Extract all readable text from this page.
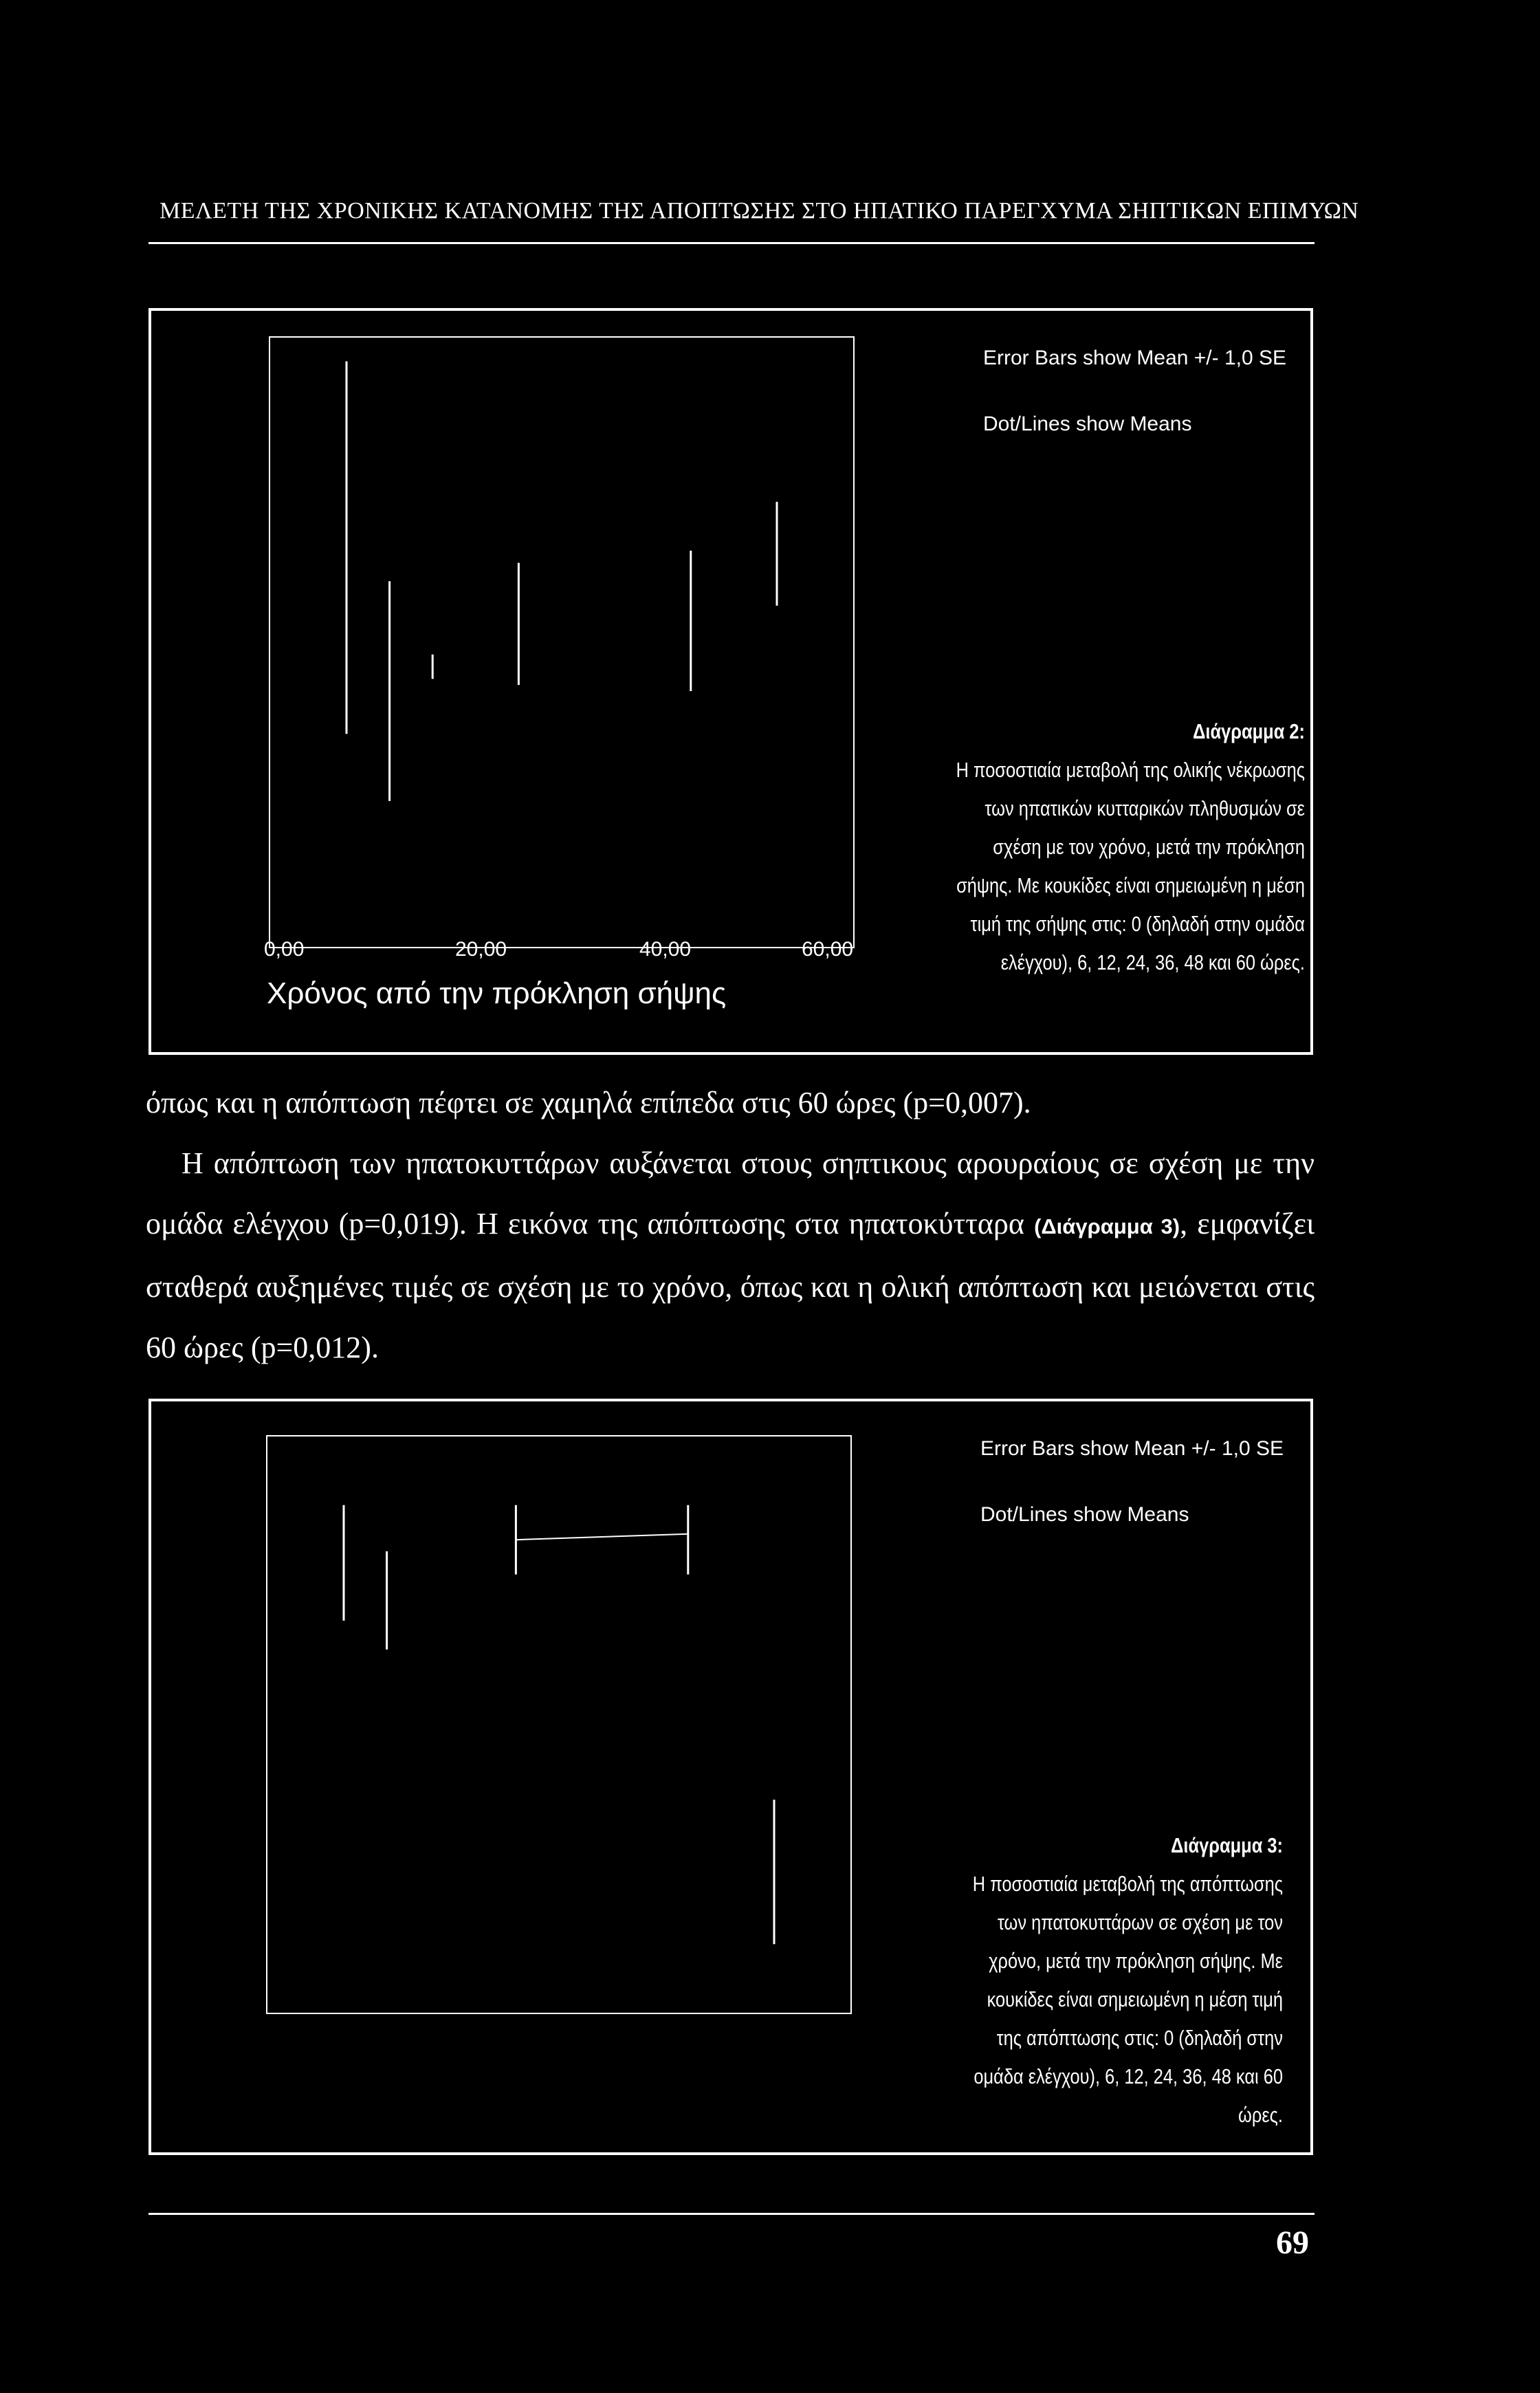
ΜΕΛΕΤΗ ΤΗΣ ΧΡΟΝΙΚΗΣ ΚΑΤΑΝΟΜΗΣ ΤΗΣ ΑΠΟΠΤΩΣΗΣ ΣΤΟ ΗΠΑΤΙΚΟ ΠΑΡΕΓΧΥΜΑ ΣΗΠΤΙΚΩΝ ΕΠΙΜΥΩΝ
0,00	20,00	40,00	60,00
Χρόνος από την πρόκληση σήψης
Error Bars show Mean +/- 1,0 SE
Dot/Lines show Means
Διάγραμμα 2:
Η ποσοστιαία μεταβολή της ολικής νέκρωσης των ηπατικών κυτταρικών πληθυσμών σε σχέση με τον χρόνο, μετά την πρόκληση σήψης. Με κουκίδες είναι σημειωμένη η μέση τιμή της σήψης στις: 0 (δηλαδή στην ομάδα ελέγχου), 6, 12, 24, 36, 48 και 60 ώρες.

όπως και η απόπτωση πέφτει σε χαμηλά επίπεδα στις 60 ώρες (p=0,007).

Η απόπτωση των ηπατοκυττάρων αυξάνεται στους σηπτικους αρουραίους σε σχέση με την ομάδα ελέγχου (p=0,019). Η εικόνα της απόπτωσης στα ηπατοκύτταρα (Διάγραμμα 3), εμφανίζει σταθερά αυξημένες τιμές σε σχέση με το χρόνο, όπως και η ολική απόπτωση και μειώνεται στις 60 ώρες (p=0,012).

Error Bars show Mean +/- 1,0 SE
Dot/Lines show Means
Διάγραμμα 3:
Η ποσοστιαία μεταβολή της απόπτωσης των ηπατοκυττάρων σε σχέση με τον χρόνο, μετά την πρόκληση σήψης. Με κουκίδες είναι σημειωμένη η μέση τιμή της απόπτωσης στις: 0 (δηλαδή στην ομάδα ελέγχου), 6, 12, 24, 36, 48 και 60 ώρες.
69
